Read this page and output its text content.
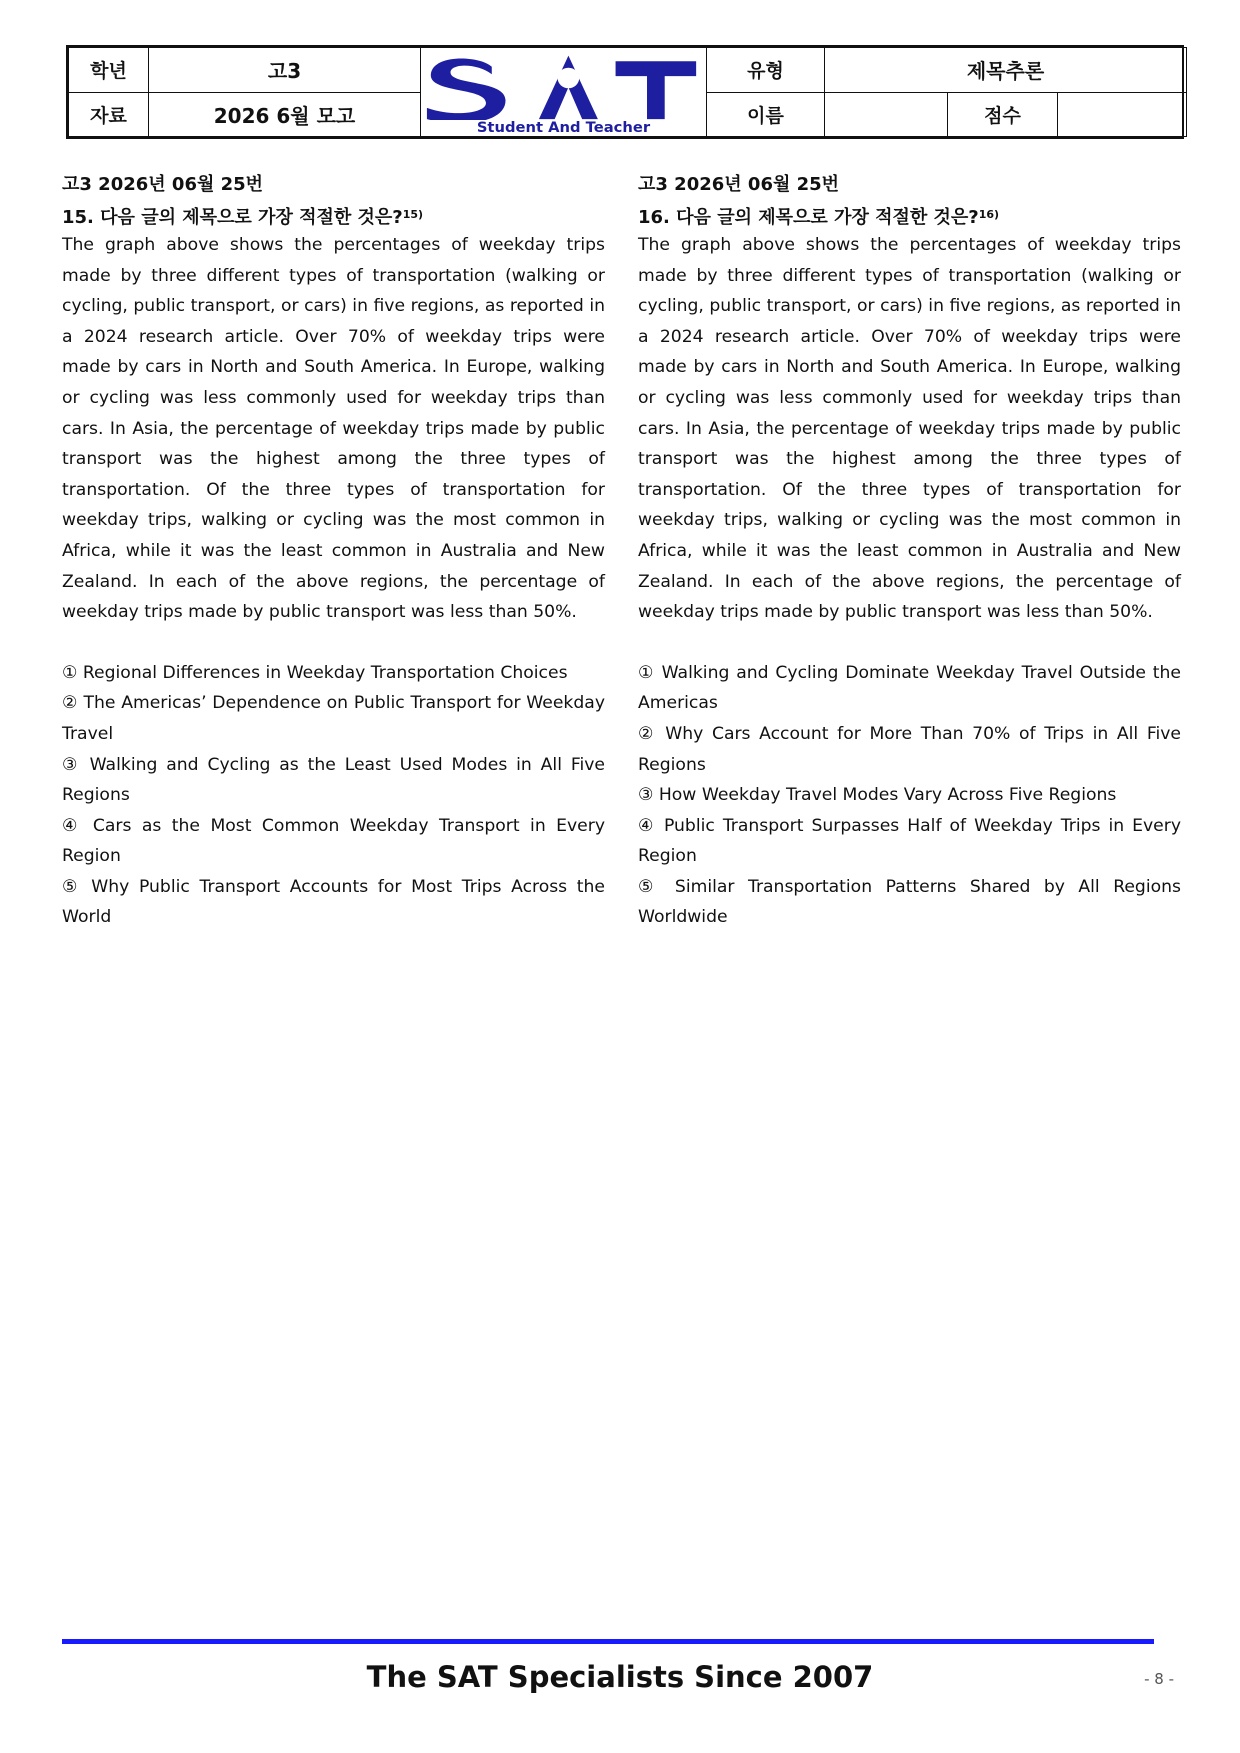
학년	고3	Student And Teacher	유형	제목추론		
자료	2026 6월 모고		이름		점수	
고3 2026년 06월 25번
15. 다음 글의 제목으로 가장 적절한 것은?$^{15)}$

The graph above shows the percentages of weekday trips made by three different types of transportation (walking or cycling, public transport, or cars) in five regions, as reported in a 2024 research article. Over 70% of weekday trips were made by cars in North and South America. In Europe, walking or cycling was less commonly used for weekday trips than cars. In Asia, the percentage of weekday trips made by public transport was the highest among the three types of transportation. Of the three types of transportation for weekday trips, walking or cycling was the most common in Africa, while it was the least common in Australia and New Zealand. In each of the above regions, the percentage of weekday trips made by public transport was less than 50%.

① Regional Differences in Weekday Transportation Choices
② The Americas’ Dependence on Public Transport for Weekday Travel
③ Walking and Cycling as the Least Used Modes in All Five Regions
④ Cars as the Most Common Weekday Transport in Every Region
⑤ Why Public Transport Accounts for Most Trips Across the World
고3 2026년 06월 25번
16. 다음 글의 제목으로 가장 적절한 것은?$^{16)}$

The graph above shows the percentages of weekday trips made by three different types of transportation (walking or cycling, public transport, or cars) in five regions, as reported in a 2024 research article. Over 70% of weekday trips were made by cars in North and South America. In Europe, walking or cycling was less commonly used for weekday trips than cars. In Asia, the percentage of weekday trips made by public transport was the highest among the three types of transportation. Of the three types of transportation for weekday trips, walking or cycling was the most common in Africa, while it was the least common in Australia and New Zealand. In each of the above regions, the percentage of weekday trips made by public transport was less than 50%.

① Walking and Cycling Dominate Weekday Travel Outside the Americas
② Why Cars Account for More Than 70% of Trips in All Five Regions
③ How Weekday Travel Modes Vary Across Five Regions
④ Public Transport Surpasses Half of Weekday Trips in Every Region
⑤ Similar Transportation Patterns Shared by All Regions Worldwide
The SAT Specialists Since 2007	- 8 -
